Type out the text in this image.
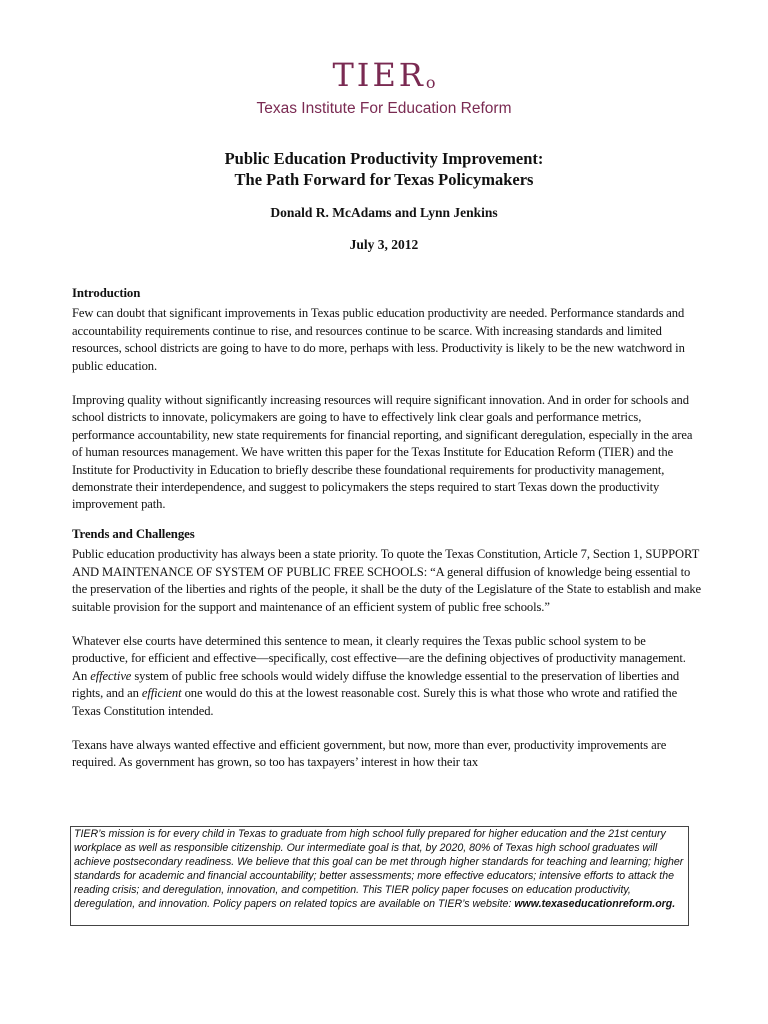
TIERo
Texas Institute For Education Reform
Public Education Productivity Improvement:
The Path Forward for Texas Policymakers
Donald R. McAdams and Lynn Jenkins
July 3, 2012
Introduction

Few can doubt that significant improvements in Texas public education productivity are needed. Performance standards and accountability requirements continue to rise, and resources continue to be scarce. With increasing standards and limited resources, school districts are going to have to do more, perhaps with less. Productivity is likely to be the new watchword in public education.

Improving quality without significantly increasing resources will require significant innovation. And in order for schools and school districts to innovate, policymakers are going to have to effectively link clear goals and performance metrics, performance accountability, new state requirements for financial reporting, and significant deregulation, especially in the area of human resources management. We have written this paper for the Texas Institute for Education Reform (TIER) and the Institute for Productivity in Education to briefly describe these foundational requirements for productivity management, demonstrate their interdependence, and suggest to policymakers the steps required to start Texas down the productivity improvement path.

Trends and Challenges

Public education productivity has always been a state priority. To quote the Texas Constitution, Article 7, Section 1, SUPPORT AND MAINTENANCE OF SYSTEM OF PUBLIC FREE SCHOOLS: “A general diffusion of knowledge being essential to the preservation of the liberties and rights of the people, it shall be the duty of the Legislature of the State to establish and make suitable provision for the support and maintenance of an efficient system of public free schools.”

Whatever else courts have determined this sentence to mean, it clearly requires the Texas public school system to be productive, for efficient and effective—specifically, cost effective—are the defining objectives of productivity management. An effective system of public free schools would widely diffuse the knowledge essential to the preservation of liberties and rights, and an efficient one would do this at the lowest reasonable cost. Surely this is what those who wrote and ratified the Texas Constitution intended.

Texans have always wanted effective and efficient government, but now, more than ever, productivity improvements are required. As government has grown, so too has taxpayers’ interest in how their tax

TIER’s mission is for every child in Texas to graduate from high school fully prepared for higher education and the 21st century workplace as well as responsible citizenship. Our intermediate goal is that, by 2020, 80% of Texas high school graduates will achieve postsecondary readiness. We believe that this goal can be met through higher standards for teaching and learning; higher standards for academic and financial accountability; better assessments; more effective educators; intensive efforts to attack the reading crisis; and deregulation, innovation, and competition. This TIER policy paper focuses on education productivity, deregulation, and innovation. Policy papers on related topics are available on TIER’s website: www.texaseducationreform.org.
